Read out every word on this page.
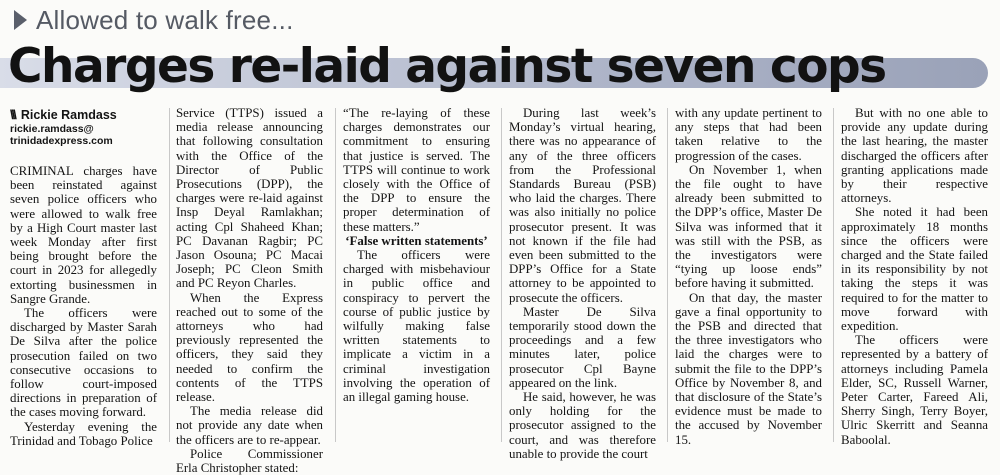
Allowed to walk free...
Charges re-laid against seven cops
\\\ Rickie Ramdass
rickie.ramdass@
trinidadexpress.com

CRIMINAL charges have been reinstated against seven police officers who were allowed to walk free by a High Court master last week Monday after first being brought before the court in 2023 for allegedly extorting businessmen in Sangre Grande.

The officers were discharged by Master Sarah De Silva after the police prosecution failed on two consecutive occasions to follow court-imposed directions in preparation of the cases moving forward.

Yesterday evening the Trinidad and Tobago Police

Service (TTPS) issued a media release announcing that following consultation with the Office of the Director of Public Prosecutions (DPP), the charges were re-laid against Insp Deyal Ramlakhan; acting Cpl Shaheed Khan; PC Davanan Ragbir; PC Jason Osouna; PC Macai Joseph; PC Cleon Smith and PC Reyon Charles.

When the Express reached out to some of the attorneys who had previously represented the officers, they said they needed to confirm the contents of the TTPS release.

The media release did not provide any date when the officers are to re-appear.

Police Commissioner Erla Christopher stated:

“The re-laying of these charges demonstrates our commitment to ensuring that justice is served. The TTPS will continue to work closely with the Office of the DPP to ensure the proper determination of these matters.”

‘False written statements’

The officers were charged with misbehaviour in public office and conspiracy to pervert the course of public justice by wilfully making false written statements to implicate a victim in a criminal investigation involving the operation of an illegal gaming house.

During last week’s Monday’s virtual hearing, there was no appearance of any of the three officers from the Professional Standards Bureau (PSB) who laid the charges. There was also initially no police prosecutor present. It was not known if the file had even been submitted to the DPP’s Office for a State attorney to be appointed to prosecute the officers.

Master De Silva temporarily stood down the proceedings and a few minutes later, police prosecutor Cpl Bayne appeared on the link.

He said, however, he was only holding for the prosecutor assigned to the court, and was therefore unable to provide the court

with any update pertinent to any steps that had been taken relative to the progression of the cases.

On November 1, when the file ought to have already been submitted to the DPP’s office, Master De Silva was informed that it was still with the PSB, as the investigators were “tying up loose ends” before having it submitted.

On that day, the master gave a final opportunity to the PSB and directed that the three investigators who laid the charges were to submit the file to the DPP’s Office by November 8, and that disclosure of the State’s evidence must be made to the accused by November 15.

But with no one able to provide any update during the last hearing, the master discharged the officers after granting applications made by their respective attorneys.

She noted it had been approximately 18 months since the officers were charged and the State failed in its responsibility by not taking the steps it was required to for the matter to move forward with expedition.

The officers were represented by a battery of attorneys including Pamela Elder, SC, Russell Warner, Peter Carter, Fareed Ali, Sherry Singh, Terry Boyer, Ulric Skerritt and Seanna Baboolal.
